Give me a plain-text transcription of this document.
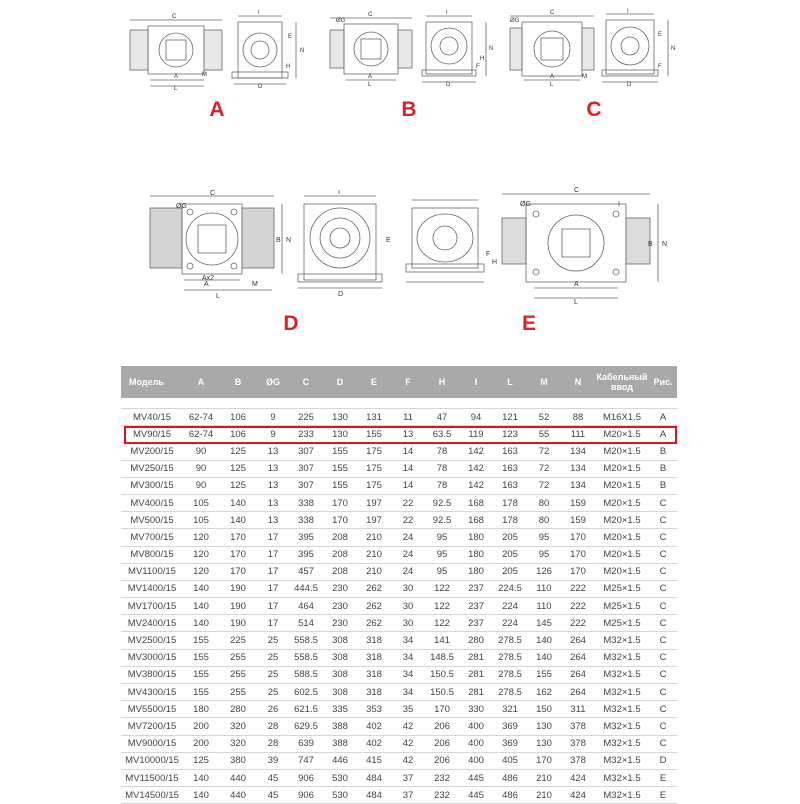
C
A	M
L
I
E
N
D
H
A
ØG
C
A
L
I
D
N
F
H
B
ØG
C
A	M
L
I
N
E
D
F
C
ØG
C
A
B N
Ax2
M
L
I
E
F
H
D
D
ØG
C
I
N
B
A
L
E
Модель	A	B	ØG	C	D	E	F	H	I	L	M	N	Кабельный ввод	Рис.

MV40/15	62-74	106	9	225	130	131	11	47	94	121	52	88	M16X1.5	A
MV90/15	62-74	106	9	233	130	155	13	63.5	119	123	55	111	M20×1.5	A
MV200/15	90	125	13	307	155	175	14	78	142	163	72	134	M20×1.5	B
MV250/15	90	125	13	307	155	175	14	78	142	163	72	134	M20×1.5	B
MV300/15	90	125	13	307	155	175	14	78	142	163	72	134	M20×1.5	B
MV400/15	105	140	13	338	170	197	22	92.5	168	178	80	159	M20×1.5	C
MV500/15	105	140	13	338	170	197	22	92.5	168	178	80	159	M20×1.5	C
MV700/15	120	170	17	395	208	210	24	95	180	205	95	170	M20×1.5	C
MV800/15	120	170	17	395	208	210	24	95	180	205	95	170	M20×1.5	C
MV1100/15	120	170	17	457	208	210	24	95	180	205	126	170	M20×1.5	C
MV1400/15	140	190	17	444.5	230	262	30	122	237	224.5	110	222	M25×1.5	C
MV1700/15	140	190	17	464	230	262	30	122	237	224	110	222	M25×1.5	C
MV2400/15	140	190	17	514	230	262	30	122	237	224	145	222	M25×1.5	C
MV2500/15	155	225	25	558.5	308	318	34	141	280	278.5	140	264	M32×1.5	C
MV3000/15	155	255	25	558.5	308	318	34	148.5	281	278.5	140	264	M32×1.5	C
MV3800/15	155	255	25	588.5	308	318	34	150.5	281	278.5	155	264	M32×1.5	C
MV4300/15	155	255	25	602.5	308	318	34	150.5	281	278.5	162	264	M32×1.5	C
MV5500/15	180	280	26	621.5	335	353	35	170	330	321	150	311	M32×1.5	C
MV7200/15	200	320	28	629.5	388	402	42	206	400	369	130	378	M32×1.5	C
MV9000/15	200	320	28	639	388	402	42	206	400	369	130	378	M32×1.5	C
MV10000/15	125	380	39	747	446	415	42	206	400	405	170	378	M32×1.5	D
MV11500/15	140	440	45	906	530	484	37	232	445	486	210	424	M32×1.5	E
MV14500/15	140	440	45	906	530	484	37	232	445	486	210	424	M32×1.5	E
